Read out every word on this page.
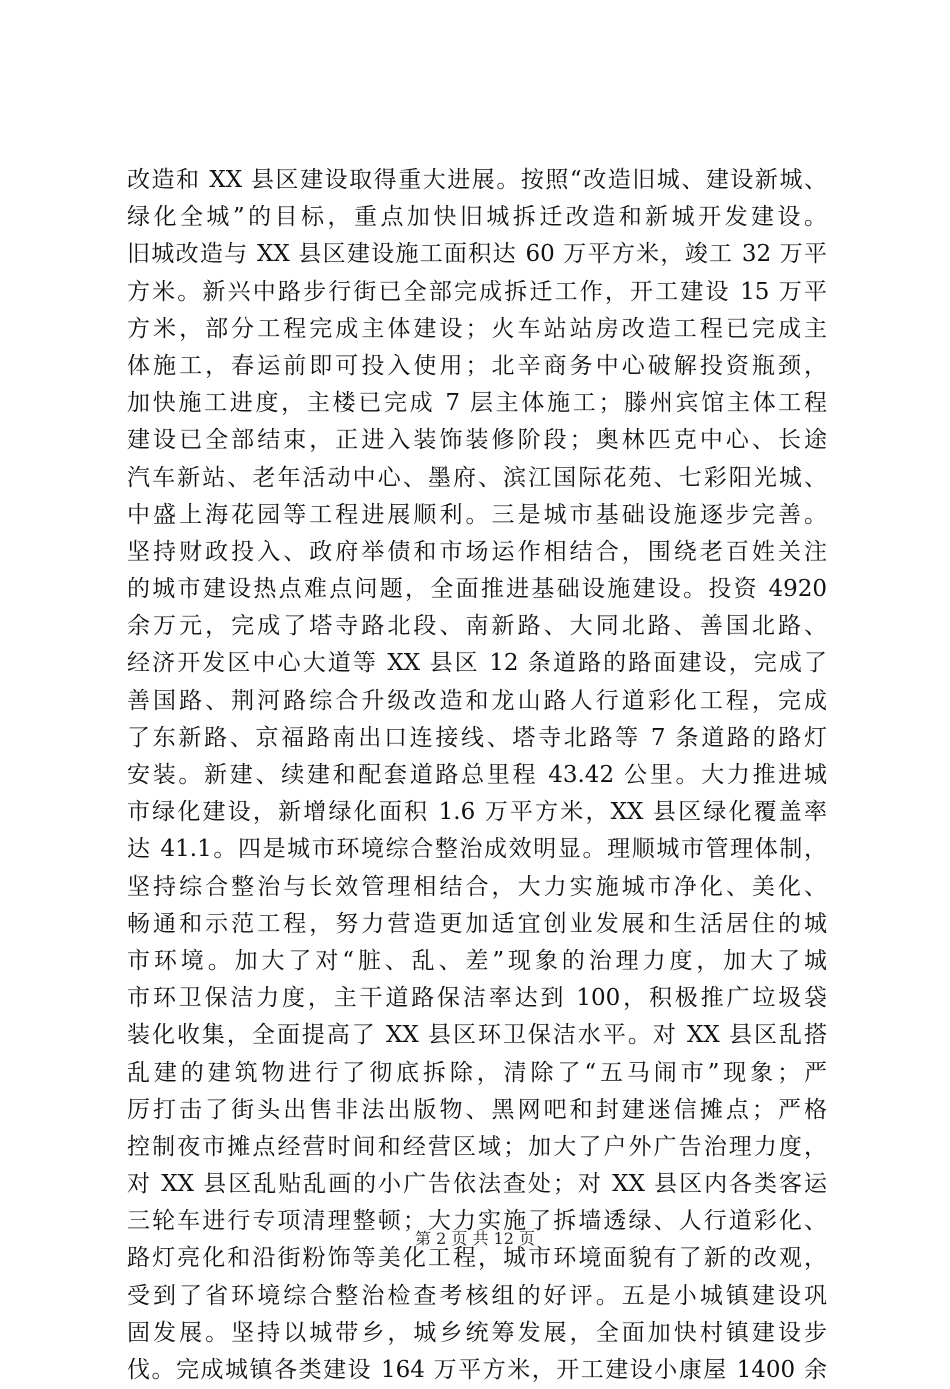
改造和 XX 县区建设取得重大进展。按照“改造旧城、建设新城、
绿化全城”的目标，重点加快旧城拆迁改造和新城开发建设。
旧城改造与 XX 县区建设施工面积达 60 万平方米，竣工 32 万平
方米。新兴中路步行街已全部完成拆迁工作，开工建设 15 万平
方米，部分工程完成主体建设；火车站站房改造工程已完成主
体施工，春运前即可投入使用；北辛商务中心破解投资瓶颈，
加快施工进度，主楼已完成 7 层主体施工；滕州宾馆主体工程
建设已全部结束，正进入装饰装修阶段；奥林匹克中心、长途
汽车新站、老年活动中心、墨府、滨江国际花苑、七彩阳光城、
中盛上海花园等工程进展顺利。三是城市基础设施逐步完善。
坚持财政投入、政府举债和市场运作相结合，围绕老百姓关注
的城市建设热点难点问题，全面推进基础设施建设。投资 4920
余万元，完成了塔寺路北段、南新路、大同北路、善国北路、
经济开发区中心大道等 XX 县区 12 条道路的路面建设，完成了
善国路、荆河路综合升级改造和龙山路人行道彩化工程，完成
了东新路、京福路南出口连接线、塔寺北路等 7 条道路的路灯
安装。新建、续建和配套道路总里程 43.42 公里。大力推进城
市绿化建设，新增绿化面积 1.6 万平方米，XX 县区绿化覆盖率
达 41.1。四是城市环境综合整治成效明显。理顺城市管理体制，
坚持综合整治与长效管理相结合，大力实施城市净化、美化、
畅通和示范工程，努力营造更加适宜创业发展和生活居住的城
市环境。加大了对“脏、乱、差”现象的治理力度，加大了城
市环卫保洁力度，主干道路保洁率达到 100，积极推广垃圾袋
装化收集，全面提高了 XX 县区环卫保洁水平。对 XX 县区乱搭
乱建的建筑物进行了彻底拆除，清除了“五马闹市”现象；严
厉打击了街头出售非法出版物、黑网吧和封建迷信摊点；严格
控制夜市摊点经营时间和经营区域；加大了户外广告治理力度，
对 XX 县区乱贴乱画的小广告依法查处；对 XX 县区内各类客运
三轮车进行专项清理整顿；大力实施了拆墙透绿、人行道彩化、
路灯亮化和沿街粉饰等美化工程，城市环境面貌有了新的改观，
受到了省环境综合整治检查考核组的好评。五是小城镇建设巩
固发展。坚持以城带乡，城乡统筹发展，全面加快村镇建设步
伐。完成城镇各类建设 164 万平方米，开工建设小康屋 1400 余
第 2 页 共 12 页
